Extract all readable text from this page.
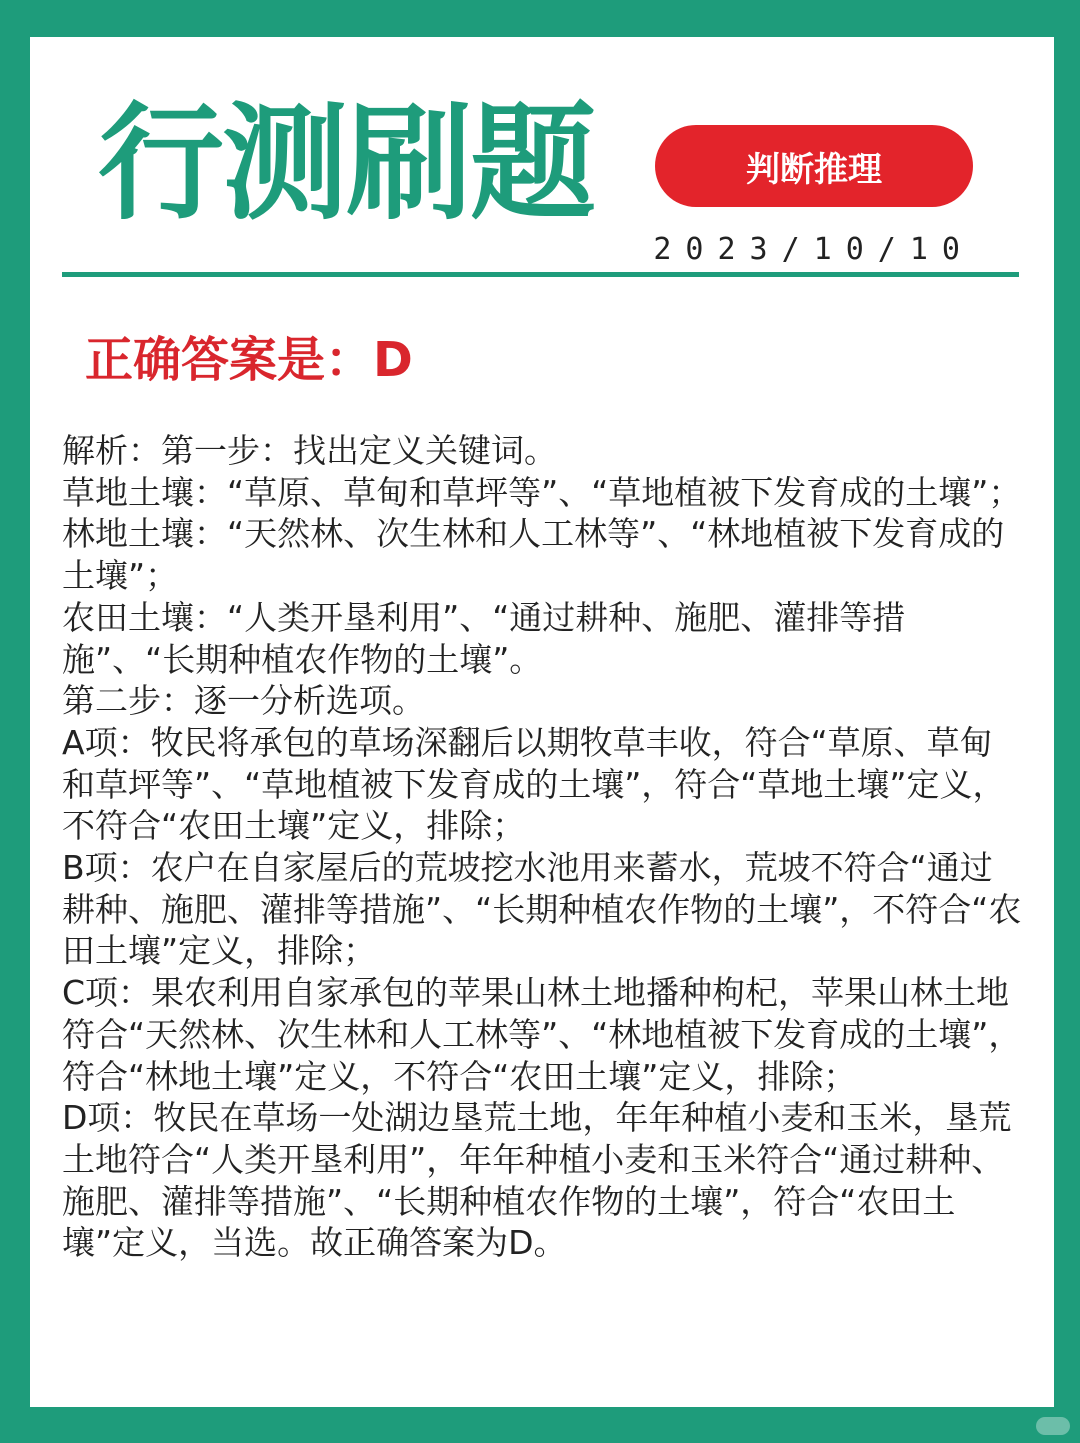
行测刷题	判断推理
2023/10/10
正确答案是：D

解析：第一步：找出定义关键词。

草地土壤：“草原、草甸和草坪等”、“草地植被下发育成的土壤”；

林地土壤：“天然林、次生林和人工林等”、“林地植被下发育成的土壤”；

农田土壤：“人类开垦利用”、“通过耕种、施肥、灌排等措施”、“长期种植农作物的土壤”。

第二步：逐一分析选项。

A项：牧民将承包的草场深翻后以期牧草丰收，符合“草原、草甸和草坪等”、“草地植被下发育成的土壤”，符合“草地土壤”定义，不符合“农田土壤”定义，排除；

B项：农户在自家屋后的荒坡挖水池用来蓄水，荒坡不符合“通过耕种、施肥、灌排等措施”、“长期种植农作物的土壤”，不符合“农田土壤”定义，排除；

C项：果农利用自家承包的苹果山林土地播种枸杞，苹果山林土地符合“天然林、次生林和人工林等”、“林地植被下发育成的土壤”，符合“林地土壤”定义，不符合“农田土壤”定义，排除；

D项：牧民在草场一处湖边垦荒土地，年年种植小麦和玉米，垦荒土地符合“人类开垦利用”，年年种植小麦和玉米符合“通过耕种、施肥、灌排等措施”、“长期种植农作物的土壤”，符合“农田土壤”定义，当选。故正确答案为D。
